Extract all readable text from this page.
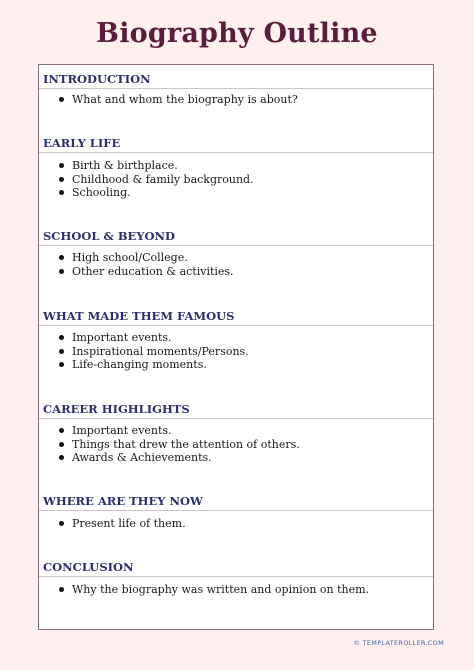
Biography Outline
INTRODUCTION
What and whom the biography is about?
EARLY LIFE
Birth & birthplace.
Childhood & family background.
Schooling.
SCHOOL & BEYOND
High school/College.
Other education & activities.
WHAT MADE THEM FAMOUS
Important events.
Inspirational moments/Persons.
Life-changing moments.
CAREER HIGHLIGHTS
Important events.
Things that drew the attention of others.
Awards & Achievements.
WHERE ARE THEY NOW
Present life of them.
CONCLUSION
Why the biography was written and opinion on them.
© TEMPLATEROLLER.COM
